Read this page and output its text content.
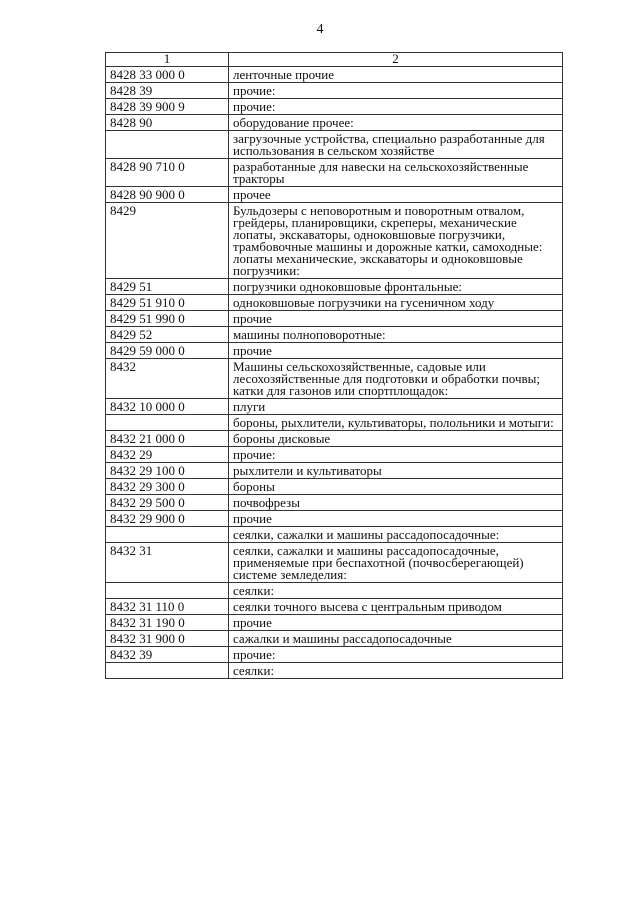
4
1	2
8428 33 000 0	ленточные прочие
8428 39	прочие:
8428 39 900 9	прочие:
8428 90	оборудование прочее:
	загрузочные устройства, специально разработанные для использования в сельском хозяйстве
8428 90 710 0	разработанные для навески на сельскохозяйственные тракторы
8428 90 900 0	прочее
8429	Бульдозеры с неповоротным и поворотным отвалом, грейдеры, планировщики, скреперы, механические лопаты, экскаваторы, одноковшовые погрузчики, трамбовочные машины и дорожные катки, самоходные: лопаты механические, экскаваторы и одноковшовые погрузчики:
8429 51	погрузчики одноковшовые фронтальные:
8429 51 910 0	одноковшовые погрузчики на гусеничном ходу
8429 51 990 0	прочие
8429 52	машины полноповоротные:
8429 59 000 0	прочие
8432	Машины сельскохозяйственные, садовые или лесохозяйственные для подготовки и обработки почвы; катки для газонов или спортплощадок:
8432 10 000 0	плуги
	бороны, рыхлители, культиваторы, полольники и мотыги:
8432 21 000 0	бороны дисковые
8432 29	прочие:
8432 29 100 0	рыхлители и культиваторы
8432 29 300 0	бороны
8432 29 500 0	почвофрезы
8432 29 900 0	прочие
	сеялки, сажалки и машины рассадопосадочные:
8432 31	сеялки, сажалки и машины рассадопосадочные, применяемые при беспахотной (почвосберегающей) системе земледелия:
	сеялки:
8432 31 110 0	сеялки точного высева с центральным приводом
8432 31 190 0	прочие
8432 31 900 0	сажалки и машины рассадопосадочные
8432 39	прочие:
	сеялки:
